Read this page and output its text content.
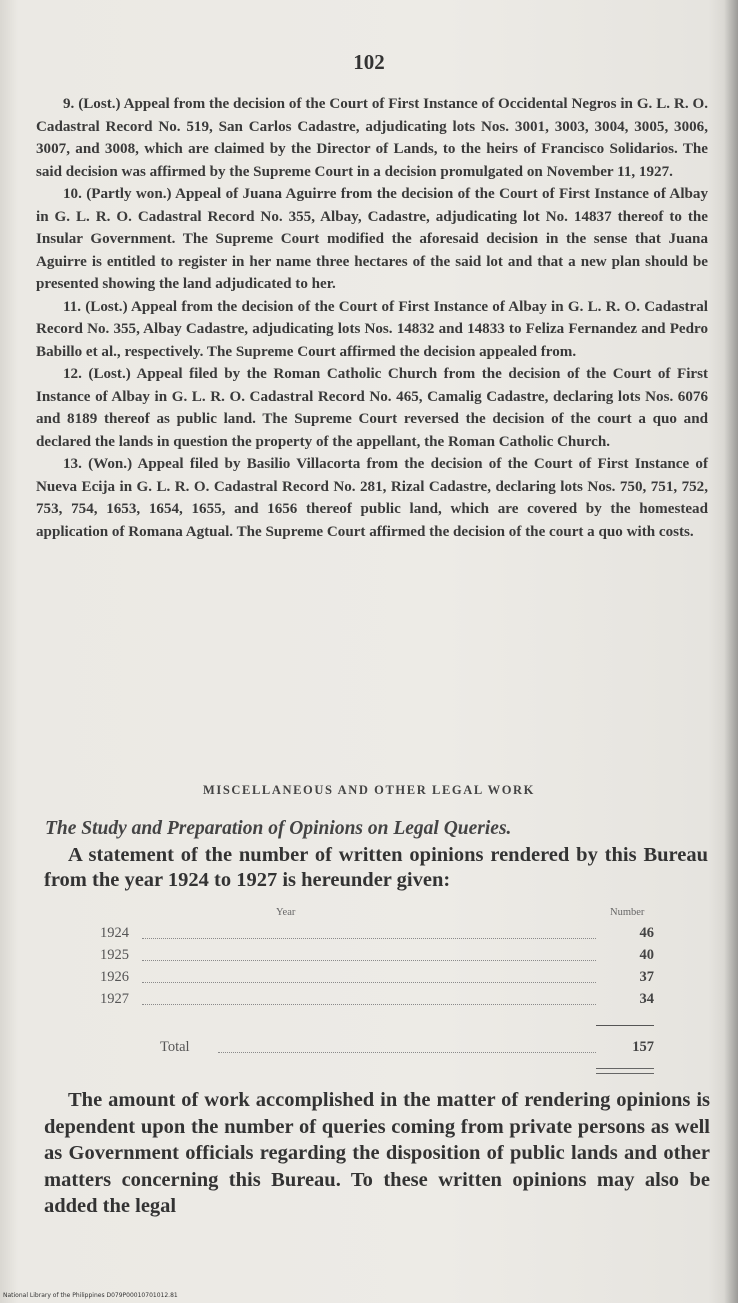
102

9. (Lost.) Appeal from the decision of the Court of First Instance of Occidental Negros in G. L. R. O. Cadastral Record No. 519, San Carlos Cadastre, adjudicating lots Nos. 3001, 3003, 3004, 3005, 3006, 3007, and 3008, which are claimed by the Director of Lands, to the heirs of Francisco Solidarios. The said decision was affirmed by the Supreme Court in a decision promulgated on November 11, 1927.

10. (Partly won.) Appeal of Juana Aguirre from the decision of the Court of First Instance of Albay in G. L. R. O. Cadastral Record No. 355, Albay, Cadastre, adjudicating lot No. 14837 thereof to the Insular Government. The Supreme Court modified the aforesaid decision in the sense that Juana Aguirre is entitled to register in her name three hectares of the said lot and that a new plan should be presented showing the land adjudicated to her.

11. (Lost.) Appeal from the decision of the Court of First Instance of Albay in G. L. R. O. Cadastral Record No. 355, Albay Cadastre, adjudicating lots Nos. 14832 and 14833 to Feliza Fernandez and Pedro Babillo et al., respectively. The Supreme Court affirmed the decision appealed from.

12. (Lost.) Appeal filed by the Roman Catholic Church from the decision of the Court of First Instance of Albay in G. L. R. O. Cadastral Record No. 465, Camalig Cadastre, declaring lots Nos. 6076 and 8189 thereof as public land. The Supreme Court reversed the decision of the court a quo and declared the lands in question the property of the appellant, the Roman Catholic Church.

13. (Won.) Appeal filed by Basilio Villacorta from the decision of the Court of First Instance of Nueva Ecija in G. L. R. O. Cadastral Record No. 281, Rizal Cadastre, declaring lots Nos. 750, 751, 752, 753, 754, 1653, 1654, 1655, and 1656 thereof public land, which are covered by the homestead application of Romana Agtual. The Supreme Court affirmed the decision of the court a quo with costs.

MISCELLANEOUS AND OTHER LEGAL WORK
The Study and Preparation of Opinions on Legal Queries.

A statement of the number of written opinions rendered by this Bureau from the year 1924 to 1927 is hereunder given:

Year	Number
1924	46
1925	40
1926	37
1927	34
Total	157

The amount of work accomplished in the matter of rendering opinions is dependent upon the number of queries coming from private persons as well as Government officials regarding the disposition of public lands and other matters concerning this Bureau. To these written opinions may also be added the legal

National Library of the Philippines D079P00010701012.81
